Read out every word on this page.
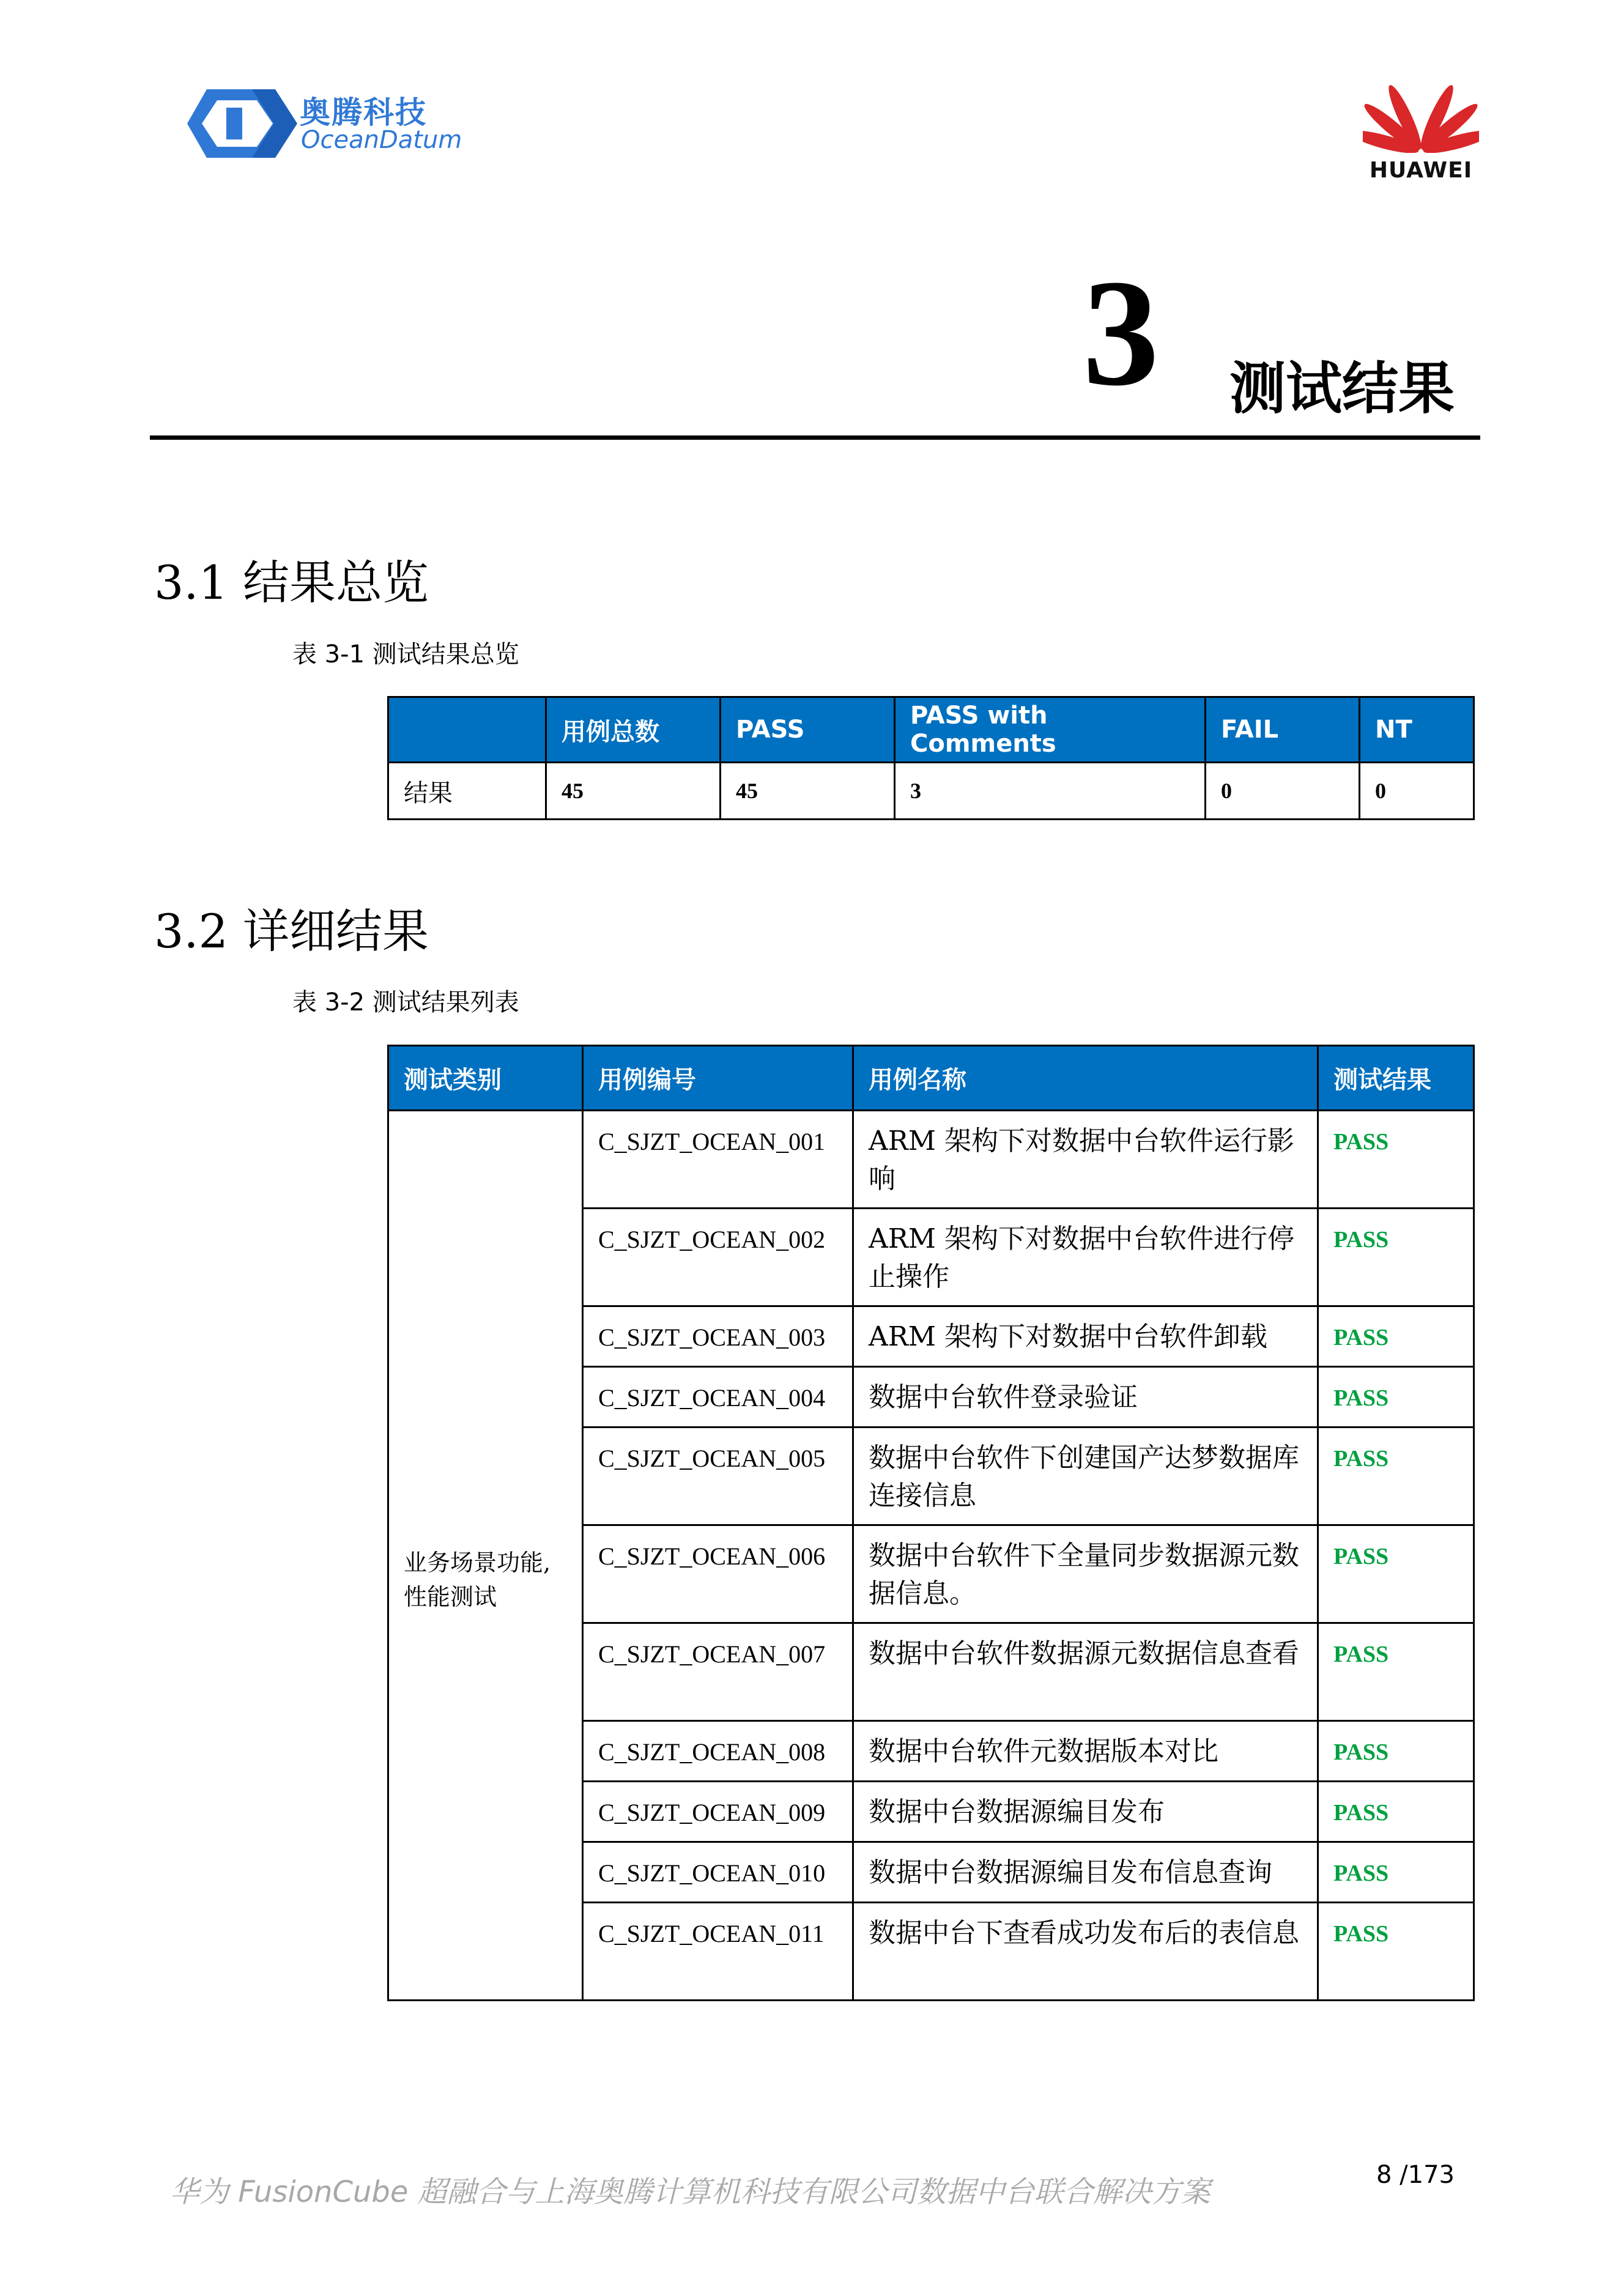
奥腾科技
OceanDatum
HUAWEI
3 测试结果
3.1 结果总览
表 3-1 测试结果总览
	用例总数	PASS	PASS with Comments	FAIL	NT
结果	45	45	3	0	0
3.2 详细结果
表 3-2 测试结果列表
测试类别	用例编号	用例名称	测试结果
业务场景功能,性能测试	C_SJZT_OCEAN_001	ARM 架构下对数据中台软件运行影响	PASS
	C_SJZT_OCEAN_002	ARM 架构下对数据中台软件进行停止操作	PASS
	C_SJZT_OCEAN_003	ARM 架构下对数据中台软件卸载	PASS
	C_SJZT_OCEAN_004	数据中台软件登录验证	PASS
	C_SJZT_OCEAN_005	数据中台软件下创建国产达梦数据库连接信息	PASS
	C_SJZT_OCEAN_006	数据中台软件下全量同步数据源元数据信息。	PASS
	C_SJZT_OCEAN_007	数据中台软件数据源元数据信息查看	PASS
	C_SJZT_OCEAN_008	数据中台软件元数据版本对比	PASS
	C_SJZT_OCEAN_009	数据中台数据源编目发布	PASS
	C_SJZT_OCEAN_010	数据中台数据源编目发布信息查询	PASS
	C_SJZT_OCEAN_011	数据中台下查看成功发布后的表信息	PASS
华为 FusionCube 超融合与上海奥腾计算机科技有限公司数据中台联合解决方案	8 /173
